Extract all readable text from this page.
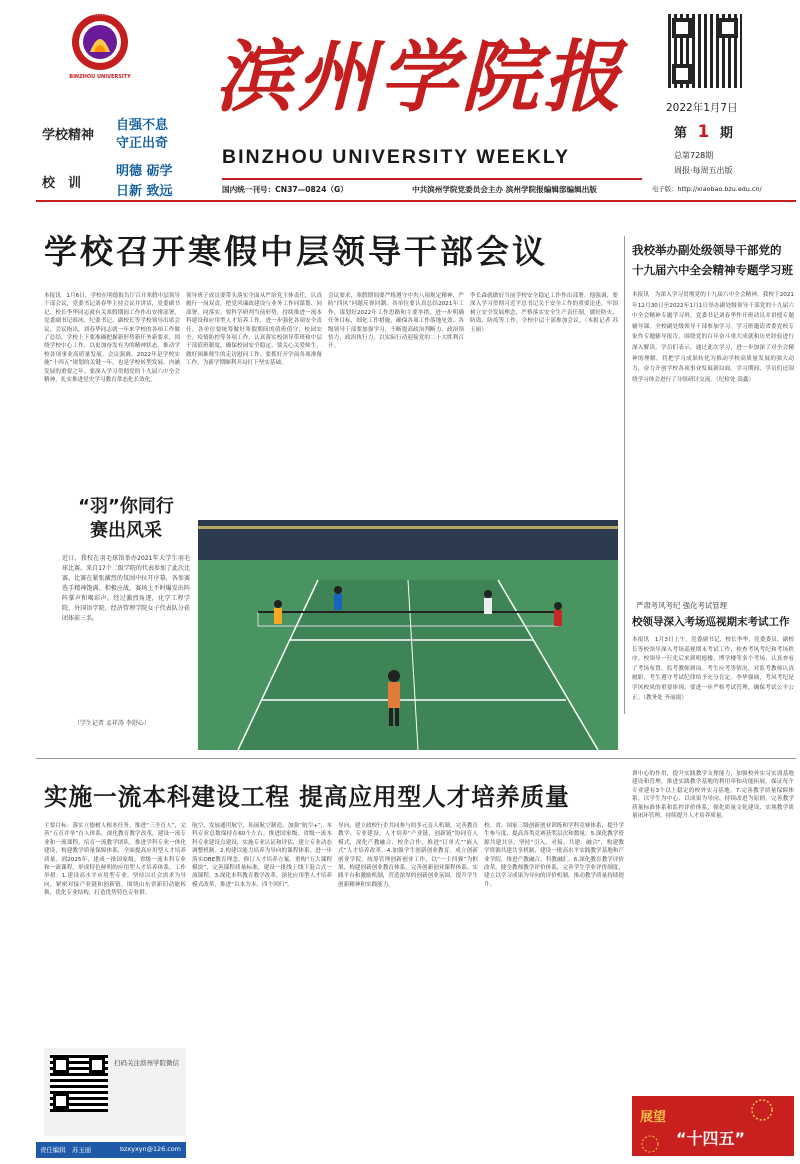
滨州学院
BINZHOU UNIVERSITY
学校精神
自强不息
守正出奇
校　训
明德 砺学
日新 致远
滨州学院报
BINZHOU UNIVERSITY WEEKLY
国内统一刊号：CN37—0824（G）	中共滨州学院党委员会主办 滨州学院报编辑部编辑出版
2022年1月7日
第 1 期
总第728期
周报·每周五出版
电子版：http://xiaobao.bzu.edu.cn/
学校召开寒假中层领导干部会议
本报讯　1月6日，学校在明德报告厅召开寒假中层领导干部会议，党委书记刘春华主持会议并讲话，党委副书记、校长李华同志就有关寒假期间工作作出安排部署，党委副书记薛冰、纪委书记、副校长等学校领导出席会议。会议指出，刘春华同志就一年来学校的各项工作做了总结，学校上下要准确把握新形势新任务新要求，围绕学校中心工作，以更加奋发有为的精神状态，推动学校各项事业高质量发展。会议强调，2022年是学校实施“十四五”规划的关键一年，也是学校转型发展、内涵发展的重要之年。要深入学习贯彻党的十九届六中全会精神，扎实推进党史学习教育常态化长效化。
领导班子成员要带头落实全面从严治党主体责任，认真履行一岗双责，把党风廉政建设与业务工作同谋划、同部署、同落实。要科学研判当前形势，持续推进一流本科建设和应用型人才培养工作，进一步强化各项安全责任。各单位要统筹做好寒假期间的值班值守、校园安全、疫情防控等各项工作，认真落实校领导带班和中层干部值班制度，确保校园安全稳定。要关心关爱师生，做好困难师生的走访慰问工作。要抓好开学前各项准备工作，为新学期顺利开局打下坚实基础。
会议要求，寒假期间要严格遵守中央八项规定精神，严防“四风”问题反弹回潮。各单位要认真总结2021年工作，谋划好2022年工作思路和主要举措，进一步明确任务目标，细化工作措施，确保各项工作落地见效。各级领导干部要加强学习，不断提高政治判断力、政治领悟力、政治执行力，以实际行动迎接党的二十大胜利召开。
李长森就做好当前学校安全稳定工作作出部署。他强调，要深入学习贯彻习近平总书记关于安全工作的重要论述，牢固树立安全发展理念，严格落实安全生产责任制，做好防火、防盗、防疫等工作。全校中层干部参加会议。（本报记者 苏玉丽）
“羽”你同行
赛出风采
近日，我校在羽毛球馆举办2021年大学生羽毛球比赛。来自17个二级学院的代表参加了此次比赛。比赛在紧张激烈的氛围中拉开序幕，各参赛选手精神饱满、积极应战，赛场上不时爆发出阵阵掌声和喝彩声。经过激烈角逐，化学工程学院、外国语学院、经济管理学院女子代表队分获团体前三名。
（学生记者 孟祥涛 李舒心）
我校举办副处级领导干部党的
十九届六中全会精神专题学习班
本报讯　为深入学习贯彻党的十九届六中全会精神，我校于2021年12月30日至2022年1月1日举办副处级领导干部党的十九届六中全会精神专题学习班。党委书记刘春华作开班动员并讲授专题辅导课。全校副处级领导干部参加学习。学习班邀请省委党校专家作专题辅导报告，围绕党的百年奋斗重大成就和历史经验进行深入解读。学员们表示，通过此次学习，进一步加深了对全会精神的理解，将把学习成果转化为推动学校高质量发展的强大动力，奋力开创学校各项事业发展新局面。学习期间，学员们还围绕学习体会进行了分组研讨交流。（纪检处 嵩鑫）
严肃考风考纪 强化考试管理
校领导深入考场巡视期末考试工作
本报讯　1月3日上午，党委副书记、校长李华，党委委员、副校长等校领导深入考场巡视期末考试工作，检查考风考纪和考场秩序。校领导一行先后来到明德楼、博学楼等多个考场，认真查看了考场布置、监考教师到岗、考生应考等情况，对监考教师认真履职、考生遵守考试纪律给予充分肯定。李华强调，考风考纪是学风校风的重要体现，要进一步严格考试管理，确保考试公平公正。（教务处 齐丽霞）
实施一流本科建设工程 提高应用型人才培养质量
主要目标：落实立德树人根本任务，推进“三全育人”，完善“五育并举”育人体系，深化教育教学改革，建设一流专业和一流课程，培育一流教学团队，推进学科专业一体化建设，构建教学质量保障体系，全面提高应用型人才培养质量。到2025年，建成一批国家级、省级一流本科专业和一流课程，形成特色鲜明的应用型人才培养体系。工作举措：1.建设高水平应用型专业。坚持以社会需求为导向，紧密对接产业链和创新链，围绕山东省新旧动能转换，优化专业结构，打造优势特色专业群。
航空、发展通用航空，拓展航空制造、加强“航空+”，本科专业总数保持在60个左右。推进国家级、省级一流本科专业建设点建设，实施专业认证和评估，建立专业动态调整机制。2.构建以能力培养为导向的课程体系。进一步落实OBE教育理念，修订人才培养方案，重构“五大课程模块”，完善课程质量标准，建设一批线上线下混合式一流课程。3.深化本科教育教学改革。深化应用型人才培养模式改革，推进“以本为本、四个回归”。
导向，建立政校行企共同参与的多元育人机制，完善教育教学、专业建设、人才培养“产业链、创新链”协同育人模式，深化产教融合、校企合作，推进“订单式”“嵌入式”人才培养改革。4.加强学生创新创业教育。成立创新创业学院，统筹管理创新创业工作，以“一主四翼”为框架，构建创新创业教育体系，完善创新创业课程体系、实践平台和激励机制，营造浓厚的创新创业氛围，提升学生创新精神和实践能力。
校、省、国家三级创新创业训练和学科竞赛体系，提升学生参与度，提高各类竞赛获奖层次和数量。5.深化教学资源共建共享。坚持“引入、对接、共建、融合”，构建教学资源共建共享机制，建设一批高水平实践教学基地和产业学院，推进产教融合、科教融汇。6.深化教育教学评价改革。健全教师教学评价体系，完善学生学业评价制度，建立以学习成果为导向的评价机制，推动教学质量持续提升。
训中心的作用，提升实践教学支撑能力，加强校外实习实训基地建设和管理，推进实践教学基地的利用率和功能拓展。保证每个专业建有3个以上稳定的校外实习基地。7.完善教学质量保障体系。以学生为中心、以成果为导向、持续改进为原则，完善教学质量标准体系和监控评价体系，强化质量文化建设，实现教学质量闭环管理，持续提升人才培养质量。
扫码关注滨州学院微信
展望
“十四五”
责任编辑　苏玉丽	bzxyxyn@126.com
